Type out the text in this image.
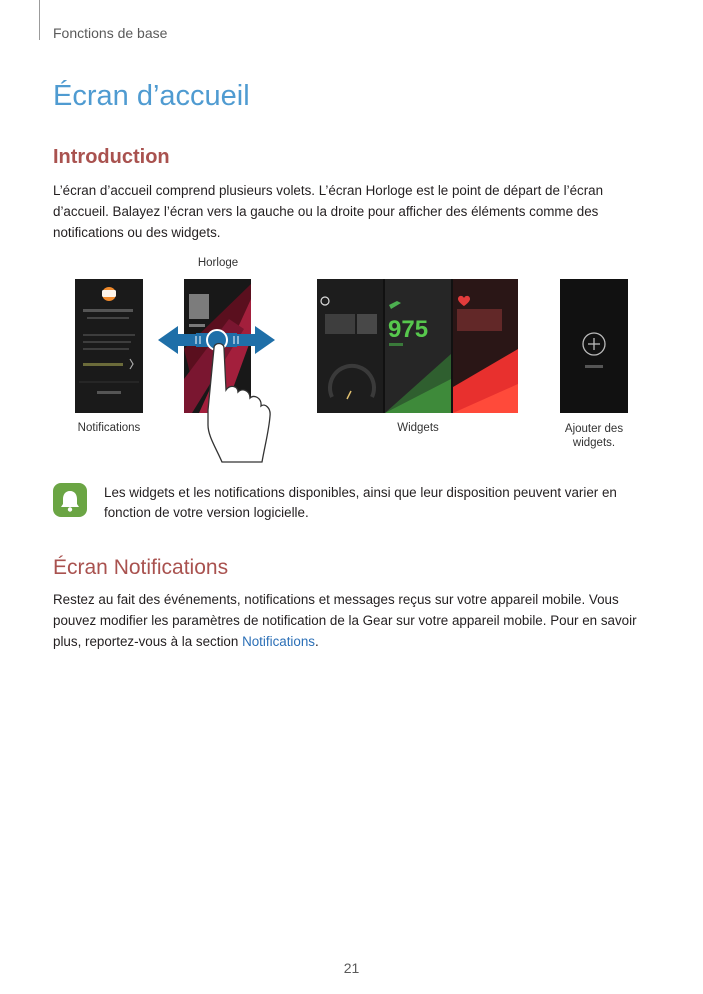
Fonctions de base
Écran d’accueil
Introduction

L’écran d’accueil comprend plusieurs volets. L’écran Horloge est le point de départ de l’écran d’accueil. Balayez l’écran vers la gauche ou la droite pour afficher des éléments comme des notifications ou des widgets.

Horloge
975
Notifications	Widgets	Ajouter des widgets.

Les widgets et les notifications disponibles, ainsi que leur disposition peuvent varier en fonction de votre version logicielle.

Écran Notifications

Restez au fait des événements, notifications et messages reçus sur votre appareil mobile. Vous pouvez modifier les paramètres de notification de la Gear sur votre appareil mobile. Pour en savoir plus, reportez-vous à la section Notifications.

21
